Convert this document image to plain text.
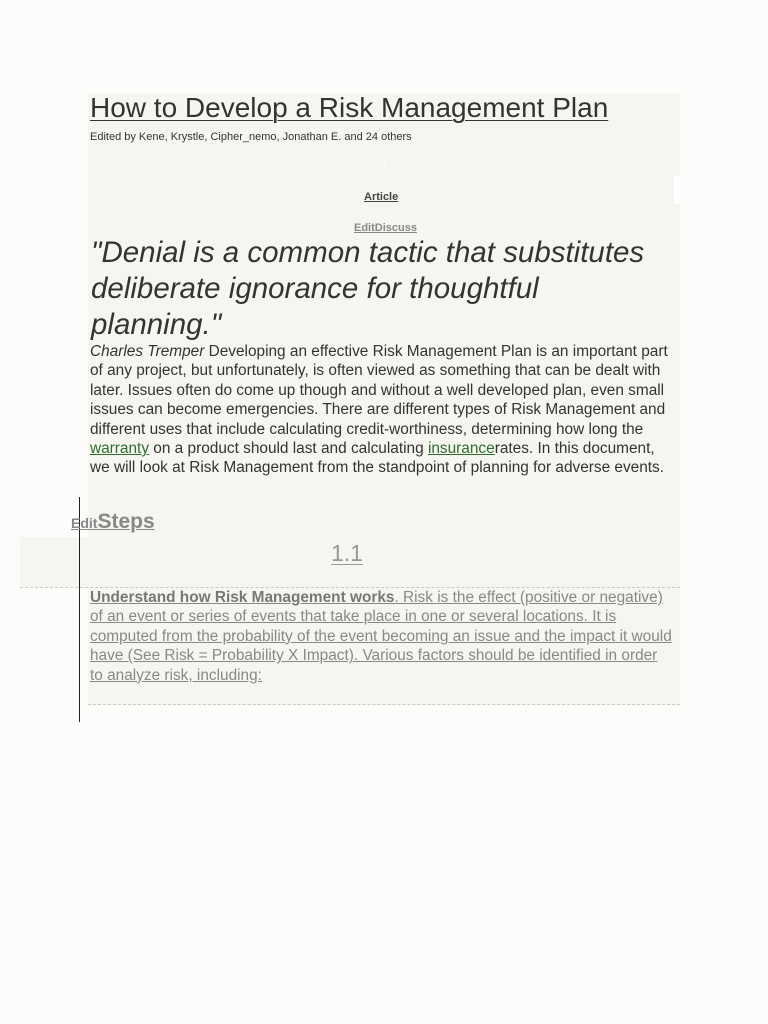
How to Develop a Risk Management Plan
Edited by Kene, Krystle, Cipher_nemo, Jonathan E. and 24 others
4
Article
EditDiscuss

"Denial is a common tactic that substitutes deliberate ignorance for thoughtful planning."

Charles Tremper Developing an effective Risk Management Plan is an important part of any project, but unfortunately, is often viewed as something that can be dealt with later. Issues often do come up though and without a well developed plan, even small issues can become emergencies. There are different types of Risk Management and different uses that include calculating credit-worthiness, determining how long the warranty on a product should last and calculating insurancerates. In this document, we will look at Risk Management from the standpoint of planning for adverse events.

EditSteps
1.1

Understand how Risk Management works. Risk is the effect (positive or negative) of an event or series of events that take place in one or several locations. It is computed from the probability of the event becoming an issue and the impact it would have (See Risk = Probability X Impact). Various factors should be identified in order to analyze risk, including:
